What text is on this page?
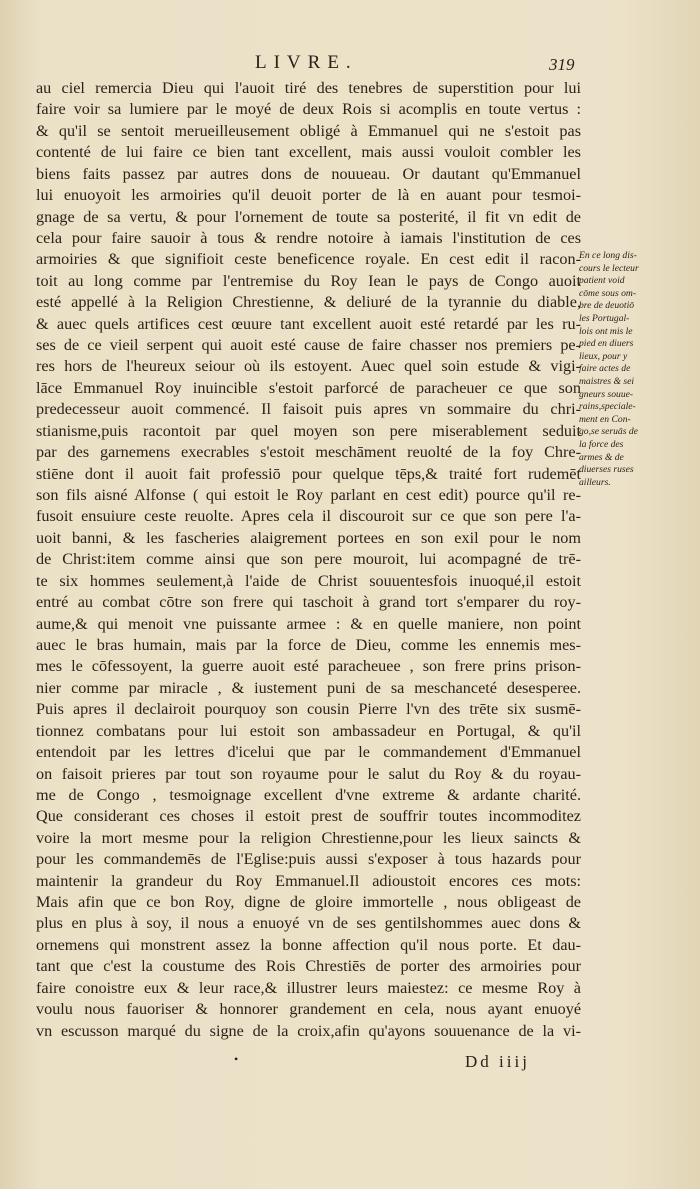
LIVRE.	319
au ciel remercia Dieu qui l'auoit tiré des tenebres de superstition pour lui
faire voir sa lumiere par le moyé de deux Rois si acomplis en toute vertus :
& qu'il se sentoit merueilleusement obligé à Emmanuel qui ne s'estoit pas
contenté de lui faire ce bien tant excellent, mais aussi vouloit combler les
biens faits passez par autres dons de nouueau. Or dautant qu'Emmanuel
lui enuoyoit les armoiries qu'il deuoit porter de là en auant pour tesmoi-
gnage de sa vertu, & pour l'ornement de toute sa posterité, il fit vn edit de
cela pour faire sauoir à tous & rendre notoire à iamais l'institution de ces
armoiries & que signifioit ceste beneficence royale. En cest edit il racon-
toit au long comme par l'entremise du Roy Iean le pays de Congo auoit
esté appellé à la Religion Chrestienne, & deliuré de la tyrannie du diable,
& auec quels artifices cest œuure tant excellent auoit esté retardé par les ru-
ses de ce vieil serpent qui auoit esté cause de faire chasser nos premiers pe-
res hors de l'heureux seiour où ils estoyent. Auec quel soin estude & vigi-
lāce Emmanuel Roy inuincible s'estoit parforcé de paracheuer ce que son
predecesseur auoit commencé. Il faisoit puis apres vn sommaire du chri-
stianisme,puis racontoit par quel moyen son pere miserablement seduit
par des garnemens execrables s'estoit meschāment reuolté de la foy Chre-
stiēne dont il auoit fait professiō pour quelque tēps,& traité fort rudemēt
son fils aisné Alfonse ( qui estoit le Roy parlant en cest edit) pource qu'il re-
fusoit ensuiure ceste reuolte. Apres cela il discouroit sur ce que son pere l'a-
uoit banni, & les fascheries alaigrement portees en son exil pour le nom
de Christ:item comme ainsi que son pere mouroit, lui acompagné de trē-
te six hommes seulement,à l'aide de Christ souuentesfois inuoqué,il estoit
entré au combat cōtre son frere qui taschoit à grand tort s'emparer du roy-
aume,& qui menoit vne puissante armee : & en quelle maniere, non point
auec le bras humain, mais par la force de Dieu, comme les ennemis mes-
mes le cōfessoyent, la guerre auoit esté paracheuee , son frere prins prison-
nier comme par miracle , & iustement puni de sa meschanceté desesperee.
Puis apres il declairoit pourquoy son cousin Pierre l'vn des trēte six susmē-
tionnez combatans pour lui estoit son ambassadeur en Portugal, & qu'il
entendoit par les lettres d'icelui que par le commandement d'Emmanuel
on faisoit prieres par tout son royaume pour le salut du Roy & du royau-
me de Congo , tesmoignage excellent d'vne extreme & ardante charité.
Que considerant ces choses il estoit prest de souffrir toutes incommoditez
voire la mort mesme pour la religion Chrestienne,pour les lieux saincts &
pour les commandemēs de l'Eglise:puis aussi s'exposer à tous hazards pour
maintenir la grandeur du Roy Emmanuel.Il adioustoit encores ces mots:
Mais afin que ce bon Roy, digne de gloire immortelle , nous obligeast de
plus en plus à soy, il nous a enuoyé vn de ses gentilshommes auec dons &
ornemens qui monstrent assez la bonne affection qu'il nous porte. Et dau-
tant que c'est la coustume des Rois Chrestiēs de porter des armoiries pour
faire conoistre eux & leur race,& illustrer leurs maiestez: ce mesme Roy à
voulu nous fauoriser & honnorer grandement en cela, nous ayant enuoyé
vn escusson marqué du signe de la croix,afin qu'ayons souuenance de la vi-
En ce long dis-
cours le lecteur
patient void
cōme sous om-
bre de deuotiō
les Portugal-
lois ont mis le
pied en diuers
lieux, pour y
faire actes de
maistres & sei
gneurs souue-
rains,speciale-
ment en Con-
go,se seruās de
la force des
armes & de
diuerses ruses
ailleurs.
•	Dd iiij
